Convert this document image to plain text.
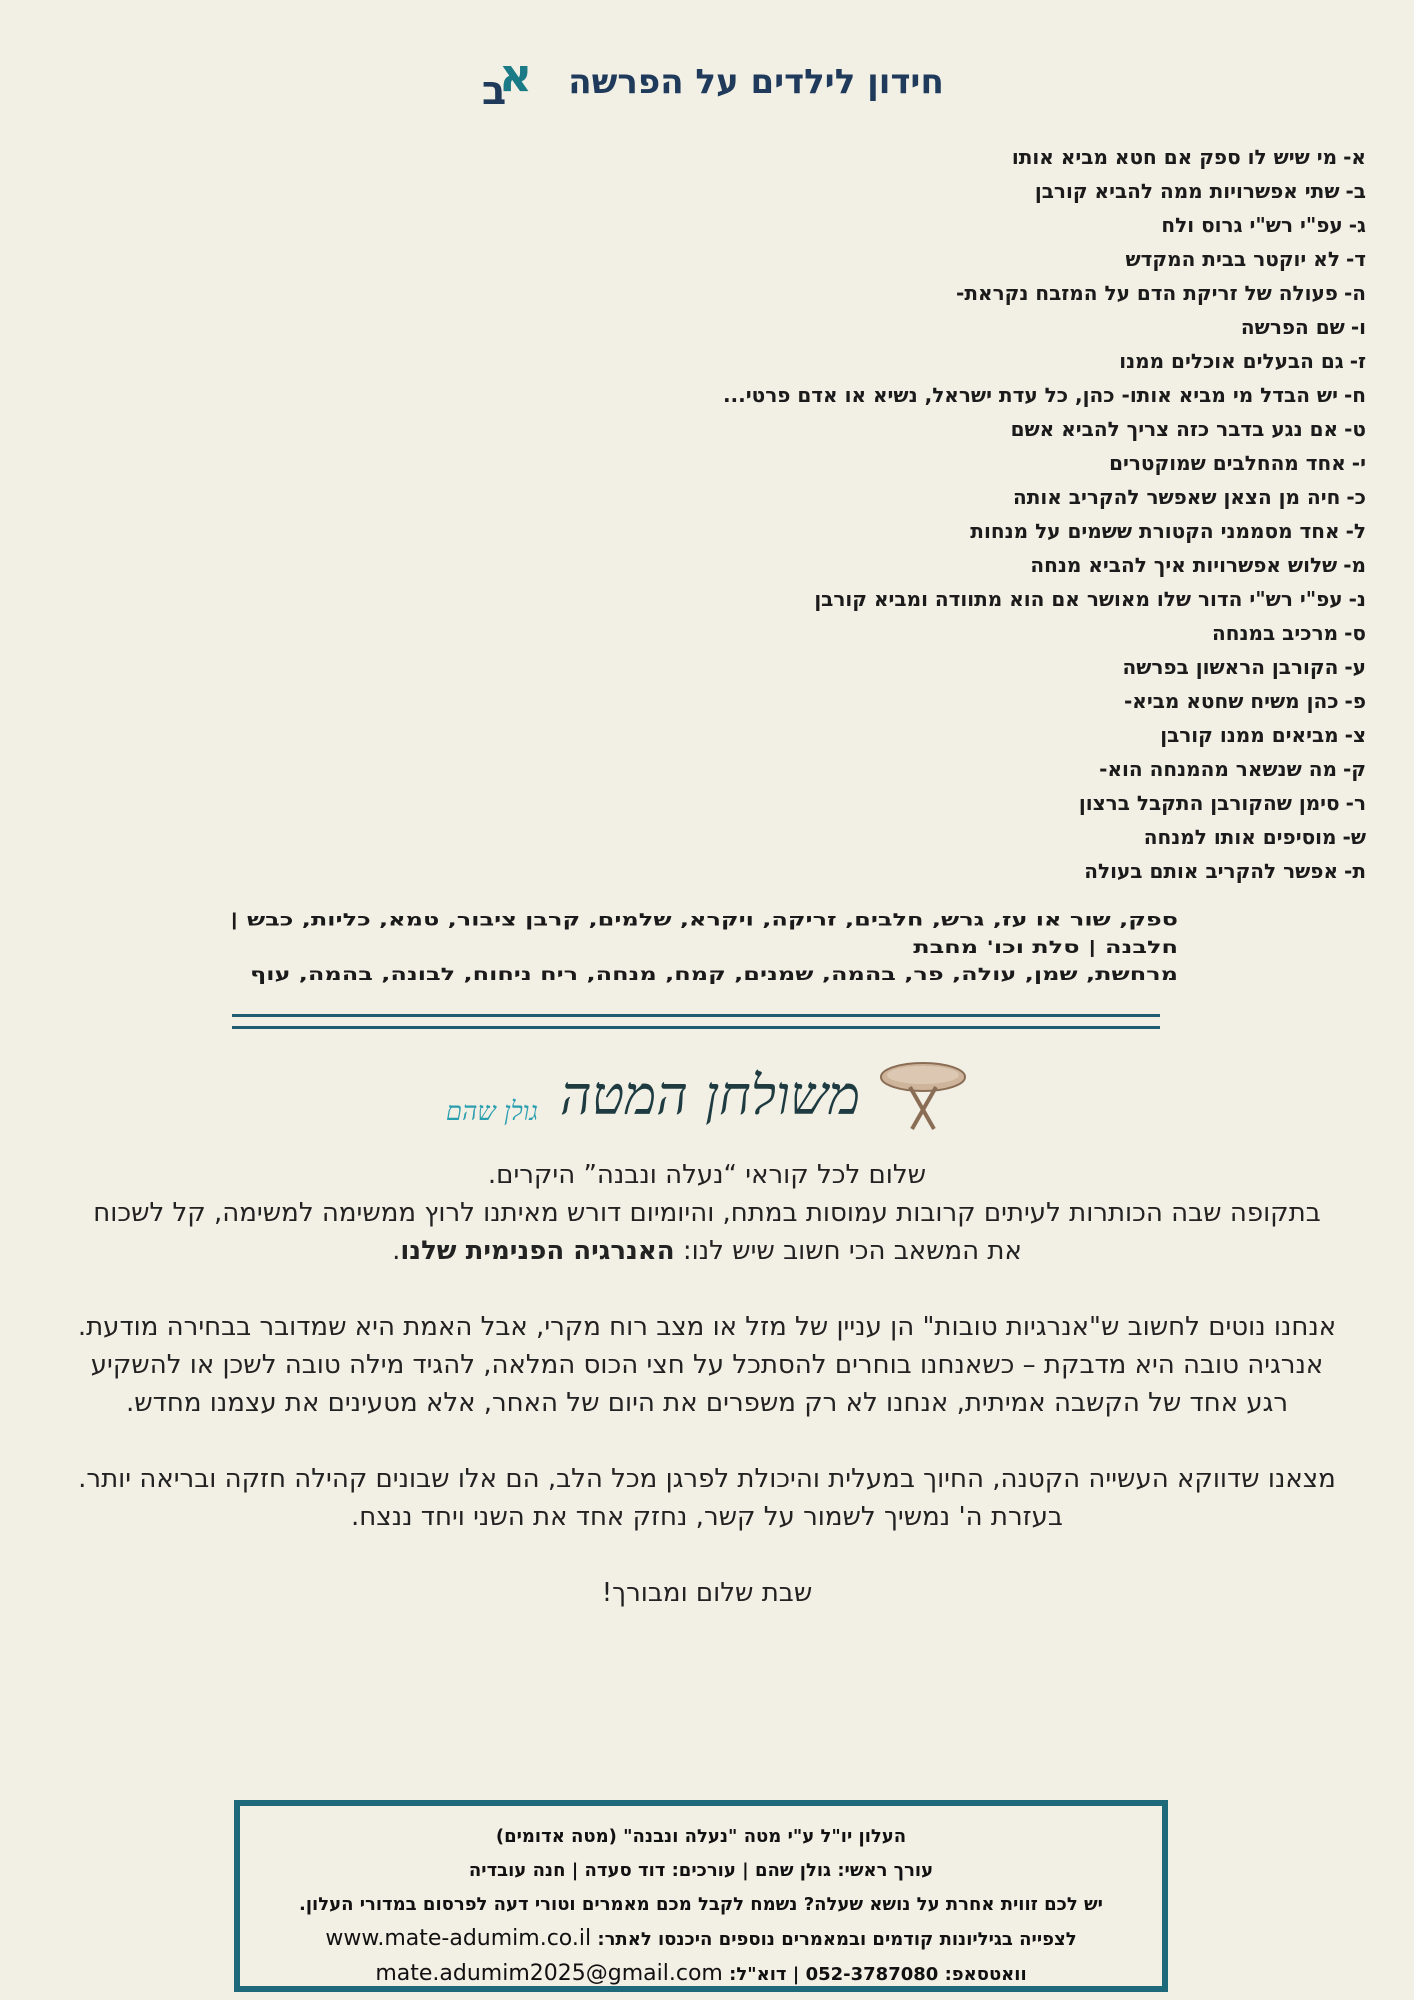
חידון לילדים על הפרשה
א
ב
א-מי שיש לו ספק אם חטא מביא אותו
ב-שתי אפשרויות ממה להביא קורבן
ג-עפ"י רש"י גרוס ולח
ד-לא יוקטר בבית המקדש
ה-פעולה של זריקת הדם על המזבח נקראת-
ו-שם הפרשה
ז-גם הבעלים אוכלים ממנו
ח-יש הבדל מי מביא אותו- כהן, כל עדת ישראל, נשיא או אדם פרטי...
ט-אם נגע בדבר כזה צריך להביא אשם
י-אחד מהחלבים שמוקטרים
כ-חיה מן הצאן שאפשר להקריב אותה
ל-אחד מסממני הקטורת ששמים על מנחות
מ-שלוש אפשרויות איך להביא מנחה
נ-עפ"י רש"י הדור שלו מאושר אם הוא מתוודה ומביא קורבן
ס-מרכיב במנחה
ע-הקורבן הראשון בפרשה
פ-כהן משיח שחטא מביא-
צ-מביאים ממנו קורבן
ק-מה שנשאר מהמנחה הוא-
ר-סימן שהקורבן התקבל ברצון
ש-מוסיפים אותו למנחה
ת-אפשר להקריב אותם בעולה
ספק, שור או עז, גרש, חלבים, זריקה, ויקרא, שלמים, קרבן ציבור, טמא, כליות, כבש | חלבנה | סלת וכו' מחבת
מרחשת, שמן, עולה, פר, בהמה, שמנים, קמח, מנחה, ריח ניחוח, לבונה, בהמה, עוף
משולחן המטה
גולן שהם

שלום לכל קוראי “נעלה ונבנה” היקרים.

בתקופה שבה הכותרות לעיתים קרובות עמוסות במתח, והיומיום דורש מאיתנו לרוץ ממשימה למשימה, קל לשכוח

את המשאב הכי חשוב שיש לנו: האנרגיה הפנימית שלנו.

אנחנו נוטים לחשוב ש"אנרגיות טובות" הן עניין של מזל או מצב רוח מקרי, אבל האמת היא שמדובר בבחירה מודעת.

אנרגיה טובה היא מדבקת – כשאנחנו בוחרים להסתכל על חצי הכוס המלאה, להגיד מילה טובה לשכן או להשקיע

רגע אחד של הקשבה אמיתית, אנחנו לא רק משפרים את היום של האחר, אלא מטעינים את עצמנו מחדש.

מצאנו שדווקא העשייה הקטנה, החיוך במעלית והיכולת לפרגן מכל הלב, הם אלו שבונים קהילה חזקה ובריאה יותר.

בעזרת ה' נמשיך לשמור על קשר, נחזק אחד את השני ויחד ננצח.

שבת שלום ומבורך!

העלון יו"ל ע"י מטה "נעלה ונבנה" (מטה אדומים)
עורך ראשי: גולן שהם | עורכים: דוד סעדה | חנה עובדיה
יש לכם זווית אחרת על נושא שעלה? נשמח לקבל מכם מאמרים וטורי דעה לפרסום במדורי העלון.
לצפייה בגיליונות קודמים ובמאמרים נוספים היכנסו לאתר: www.mate-adumim.co.il
וואטסאפ: 052-3787080 | דוא"ל: mate.adumim2025@gmail.com
